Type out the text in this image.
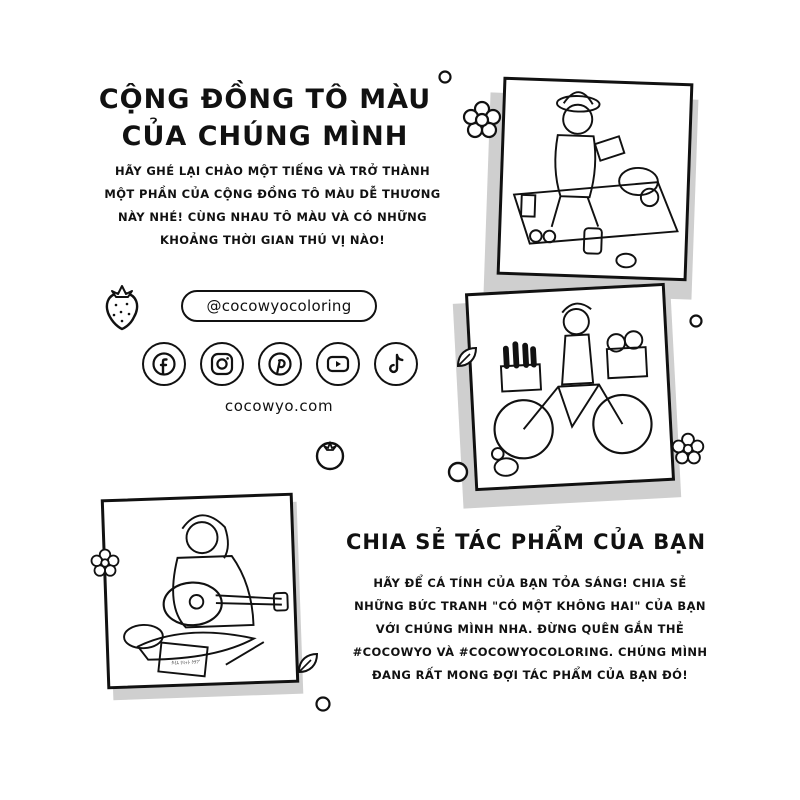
CỘNG ĐỒNG TÔ MÀU
CỦA CHÚNG MÌNH

HÃY GHÉ LẠI CHÀO MỘT TIẾNG VÀ TRỞ THÀNH

MỘT PHẦN CỦA CỘNG ĐỒNG TÔ MÀU DỄ THƯƠNG

NÀY NHÉ! CÙNG NHAU TÔ MÀU VÀ CÓ NHỮNG

KHOẢNG THỜI GIAN THÚ VỊ NÀO!

@cocowyocoloring
cocowyo.com
CHIA SẺ TÁC PHẨM CỦA BẠN

HÃY ĐỂ CÁ TÍNH CỦA BẠN TỎA SÁNG! CHIA SẺ

NHỮNG BỨC TRANH "CÓ MỘT KHÔNG HAI" CỦA BẠN

VỚI CHÚNG MÌNH NHA. ĐỪNG QUÊN GẮN THẺ

#COCOWYO VÀ #COCOWYOCOLORING. CHÚNG MÌNH

ĐANG RẤT MONG ĐỢI TÁC PHẨM CỦA BẠN ĐÓ!

ﾀｲﾑ ﾘﾐｯﾄ ｸﾗﾌﾞ
